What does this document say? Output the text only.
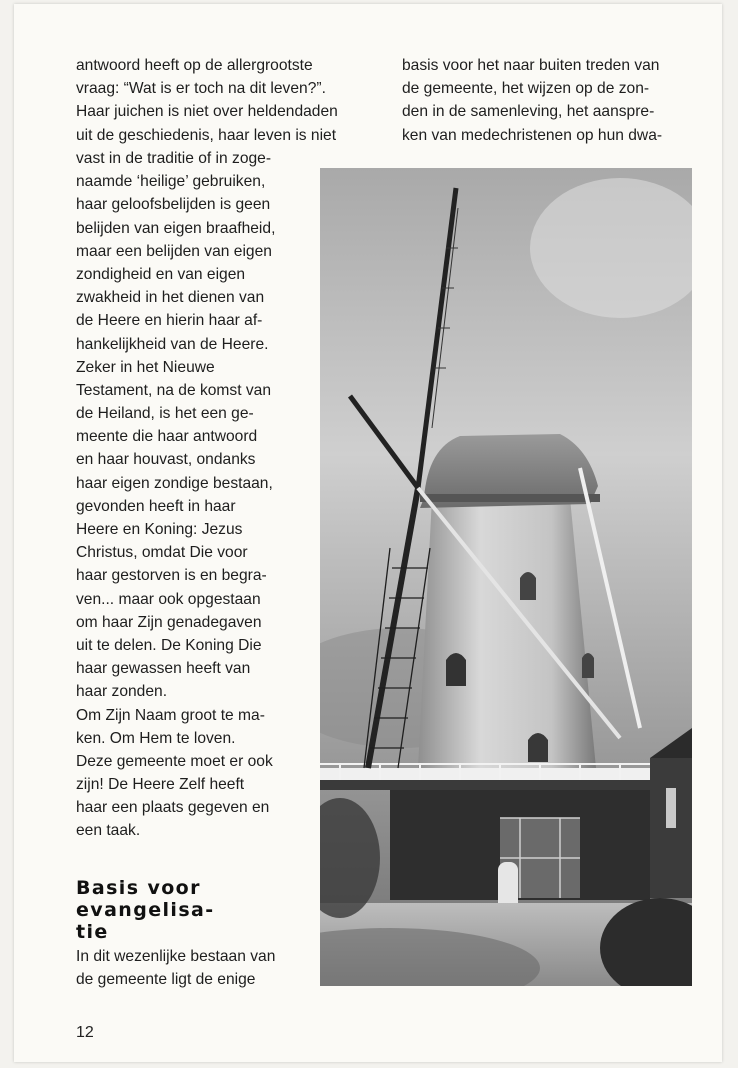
antwoord heeft op de allergrootste
vraag: “Wat is er toch na dit leven?”.
Haar juichen is niet over heldendaden
uit de geschiedenis, haar leven is niet
basis voor het naar buiten treden van
de gemeente, het wijzen op de zon-
den in de samenleving, het aanspre-
ken van medechristenen op hun dwa-
vast in de traditie of in zoge-
naamde ‘heilige’ gebruiken,
haar geloofsbelijden is geen
belijden van eigen braafheid,
maar een belijden van eigen
zondigheid en van eigen
zwakheid in het dienen van
de Heere en hierin haar af-
hankelijkheid van de Heere.
Zeker in het Nieuwe
Testament, na de komst van
de Heiland, is het een ge-
meente die haar antwoord
en haar houvast, ondanks
haar eigen zondige bestaan,
gevonden heeft in haar
Heere en Koning: Jezus
Christus, omdat Die voor
haar gestorven is en begra-
ven... maar ook opgestaan
om haar Zijn genadegaven
uit te delen. De Koning Die
haar gewassen heeft van
haar zonden.
Om Zijn Naam groot te ma-
ken. Om Hem te loven.
Deze gemeente moet er ook
zijn! De Heere Zelf heeft
haar een plaats gegeven en
een taak.
Basis voor
evangelisa-
tie
In dit wezenlijke bestaan van
de gemeente ligt de enige
12
